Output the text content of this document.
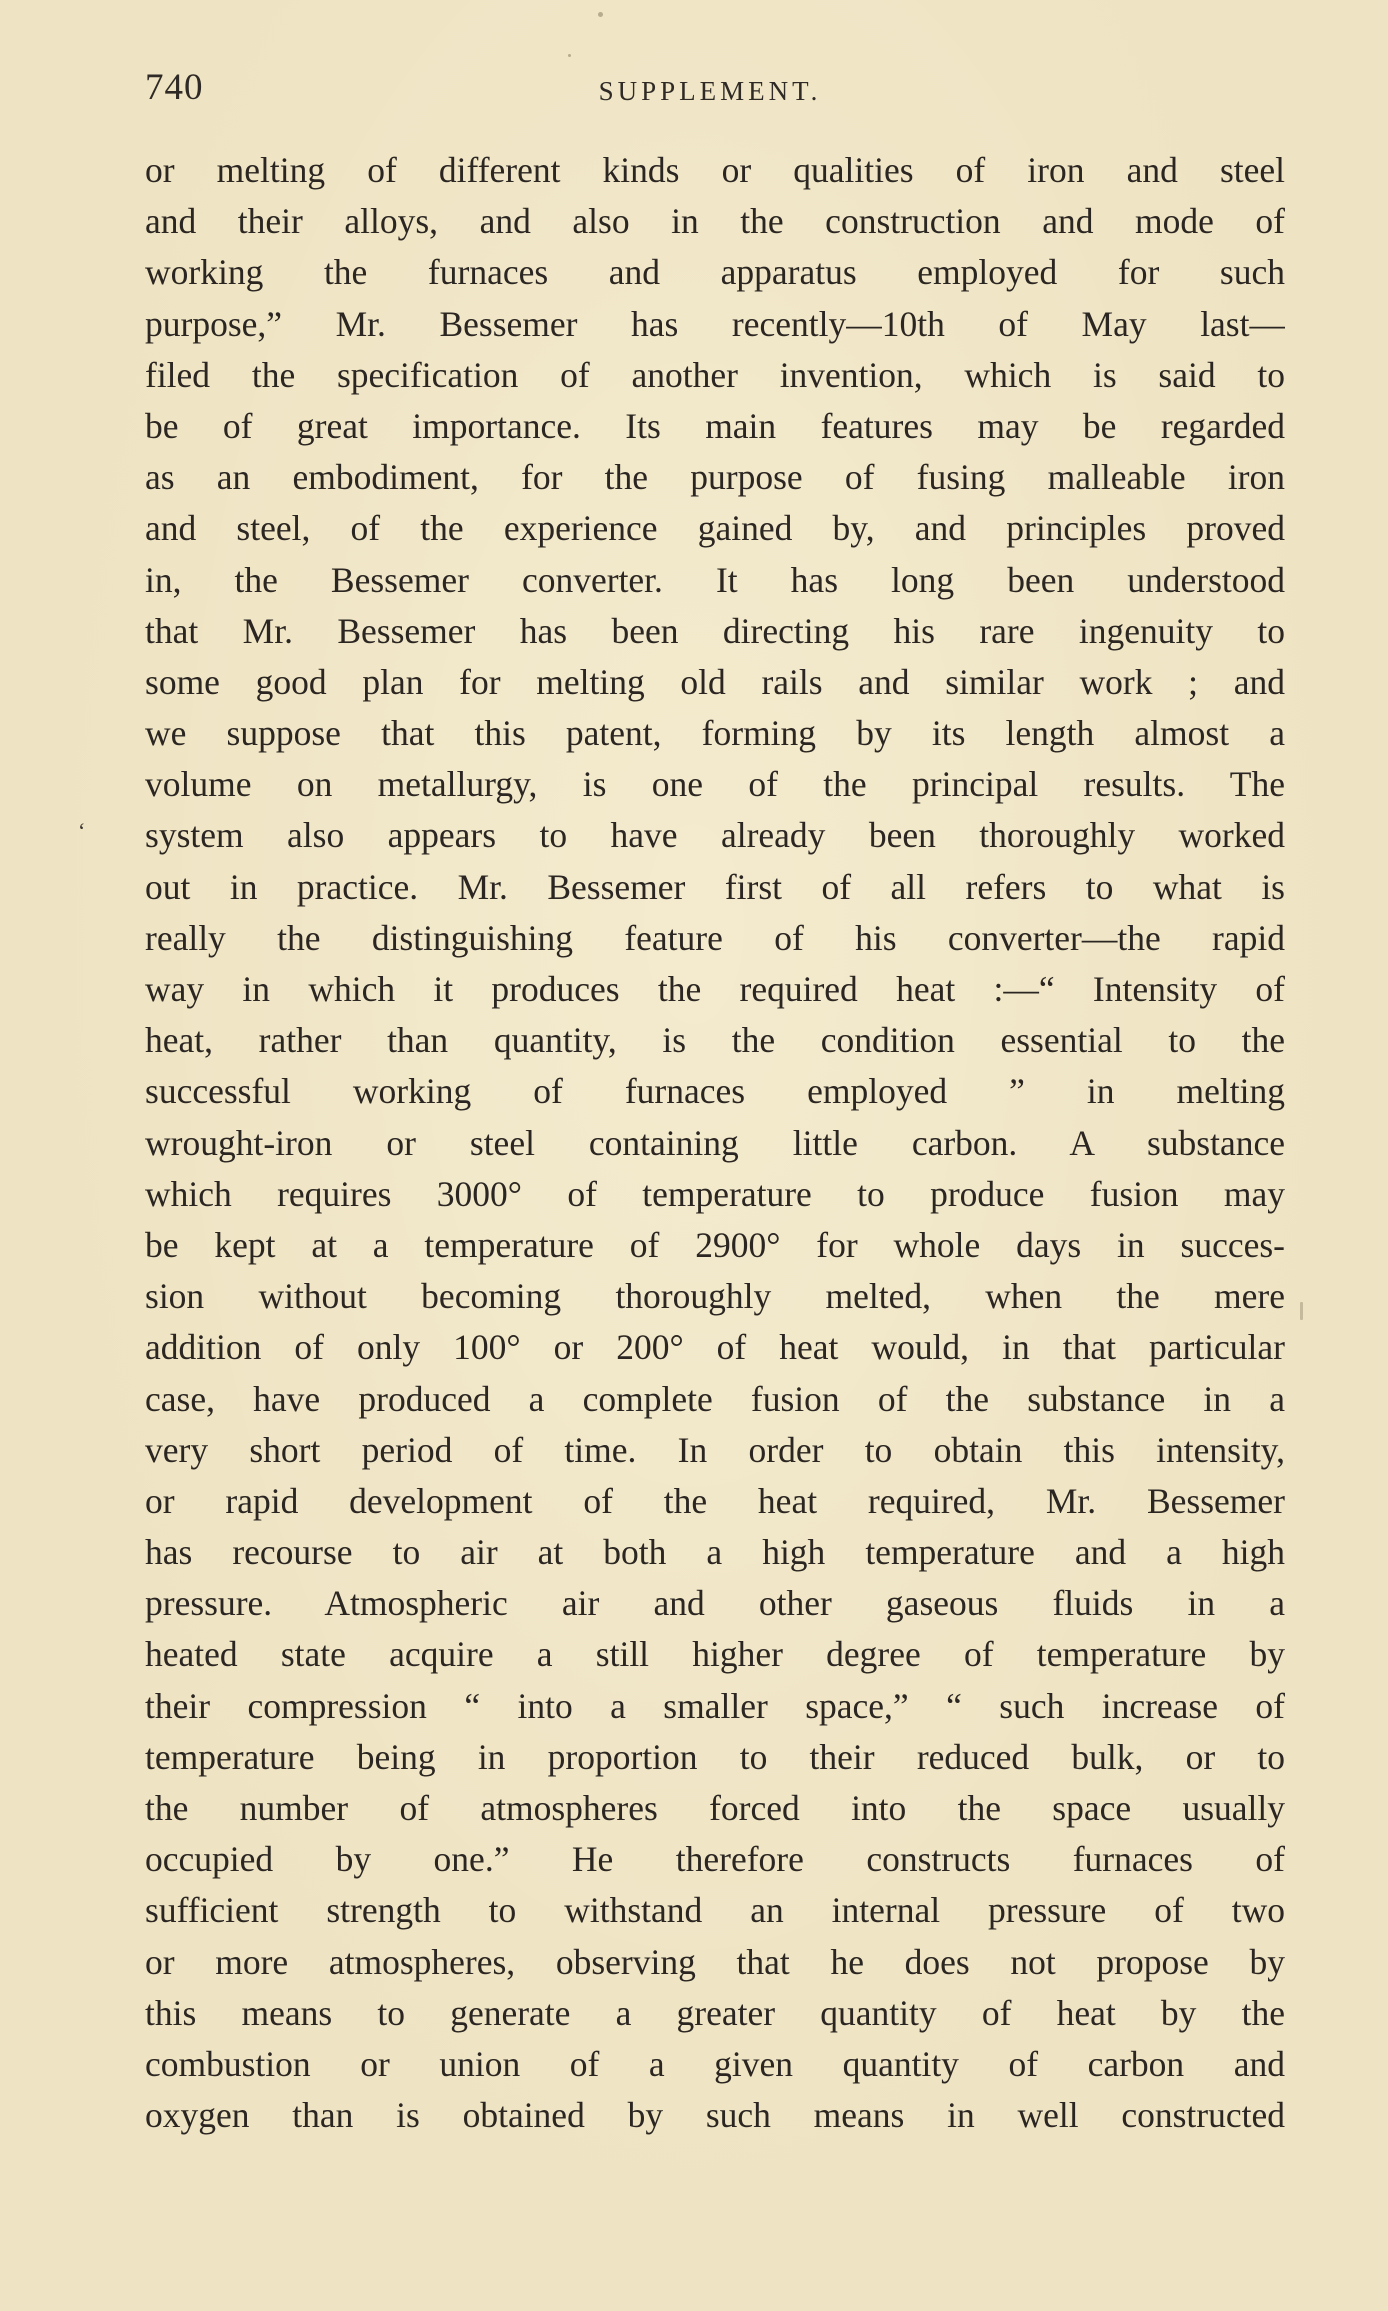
740	SUPPLEMENT.
‘
or melting of different kinds or qualities of iron and steel
and their alloys, and also in the construction and mode of
working the furnaces and apparatus employed for such
purpose,” Mr. Bessemer has recently—10th of May last—
filed the specification of another invention, which is said to
be of great importance. Its main features may be regarded
as an embodiment, for the purpose of fusing malleable iron
and steel, of the experience gained by, and principles proved
in, the Bessemer converter. It has long been understood
that Mr. Bessemer has been directing his rare ingenuity to
some good plan for melting old rails and similar work ; and
we suppose that this patent, forming by its length almost a
volume on metallurgy, is one of the principal results. The
system also appears to have already been thoroughly worked
out in practice. Mr. Bessemer first of all refers to what is
really the distinguishing feature of his converter—the rapid
way in which it produces the required heat :—“ Intensity of
heat, rather than quantity, is the condition essential to the
successful working of furnaces employed ” in melting
wrought-iron or steel containing little carbon. A substance
which requires 3000° of temperature to produce fusion may
be kept at a temperature of 2900° for whole days in succes-
sion without becoming thoroughly melted, when the mere
addition of only 100° or 200° of heat would, in that particular
case, have produced a complete fusion of the substance in a
very short period of time. In order to obtain this intensity,
or rapid development of the heat required, Mr. Bessemer
has recourse to air at both a high temperature and a high
pressure. Atmospheric air and other gaseous fluids in a
heated state acquire a still higher degree of temperature by
their compression “ into a smaller space,” “ such increase of
temperature being in proportion to their reduced bulk, or to
the number of atmospheres forced into the space usually
occupied by one.” He therefore constructs furnaces of
sufficient strength to withstand an internal pressure of two
or more atmospheres, observing that he does not propose by
this means to generate a greater quantity of heat by the
combustion or union of a given quantity of carbon and
oxygen than is obtained by such means in well constructed
